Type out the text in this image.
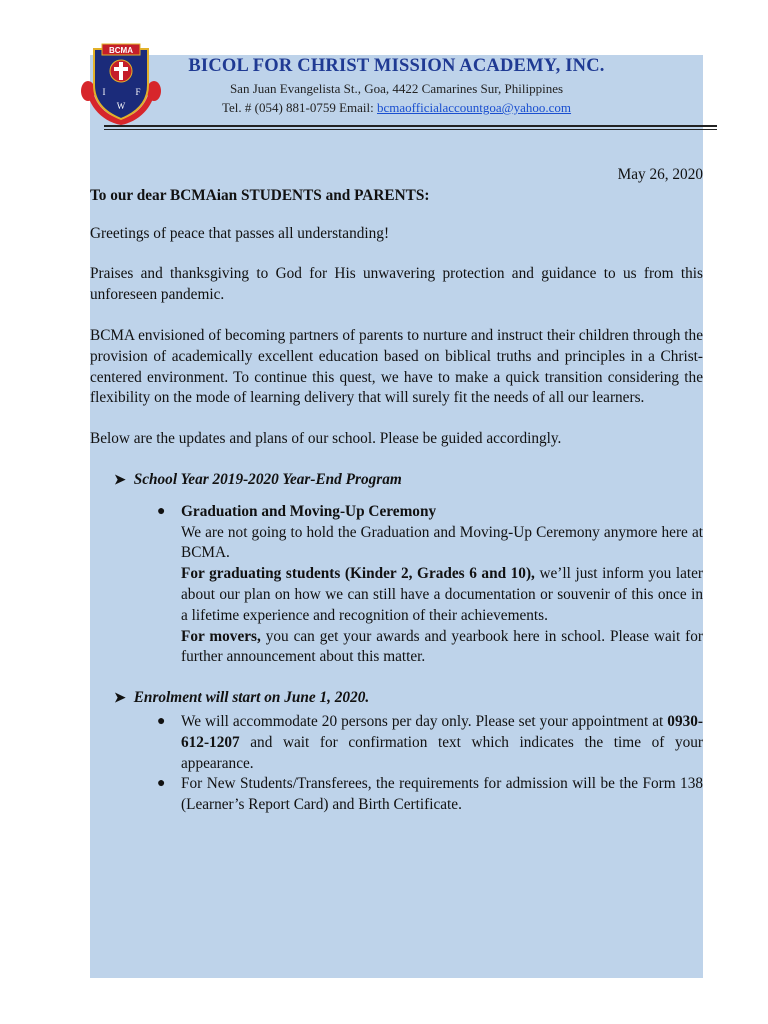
BCMA
I	F
W
BICOL FOR CHRIST MISSION ACADEMY, INC.
San Juan Evangelista St., Goa, 4422 Camarines Sur, Philippines
Tel. # (054) 881-0759 Email: bcmaofficialaccountgoa@yahoo.com

May 26, 2020

To our dear BCMAian STUDENTS and PARENTS:

Greetings of peace that passes all understanding!

Praises and thanksgiving to God for His unwavering protection and guidance to us from this unforeseen pandemic.

BCMA envisioned of becoming partners of parents to nurture and instruct their children through the provision of academically excellent education based on biblical truths and principles in a Christ-centered environment. To continue this quest, we have to make a quick transition considering the flexibility on the mode of learning delivery that will surely fit the needs of all our learners.

Below are the updates and plans of our school. Please be guided accordingly.

➤ School Year 2019-2020 Year-End Program
● Graduation and Moving-Up Ceremony
We are not going to hold the Graduation and Moving-Up Ceremony anymore here at BCMA.
For graduating students (Kinder 2, Grades 6 and 10), we’ll just inform you later about our plan on how we can still have a documentation or souvenir of this once in a lifetime experience and recognition of their achievements.
For movers, you can get your awards and yearbook here in school. Please wait for further announcement about this matter.
➤ Enrolment will start on June 1, 2020.
● We will accommodate 20 persons per day only. Please set your appointment at 0930-612-1207 and wait for confirmation text which indicates the time of your appearance.
● For New Students/Transferees, the requirements for admission will be the Form 138 (Learner’s Report Card) and Birth Certificate.
